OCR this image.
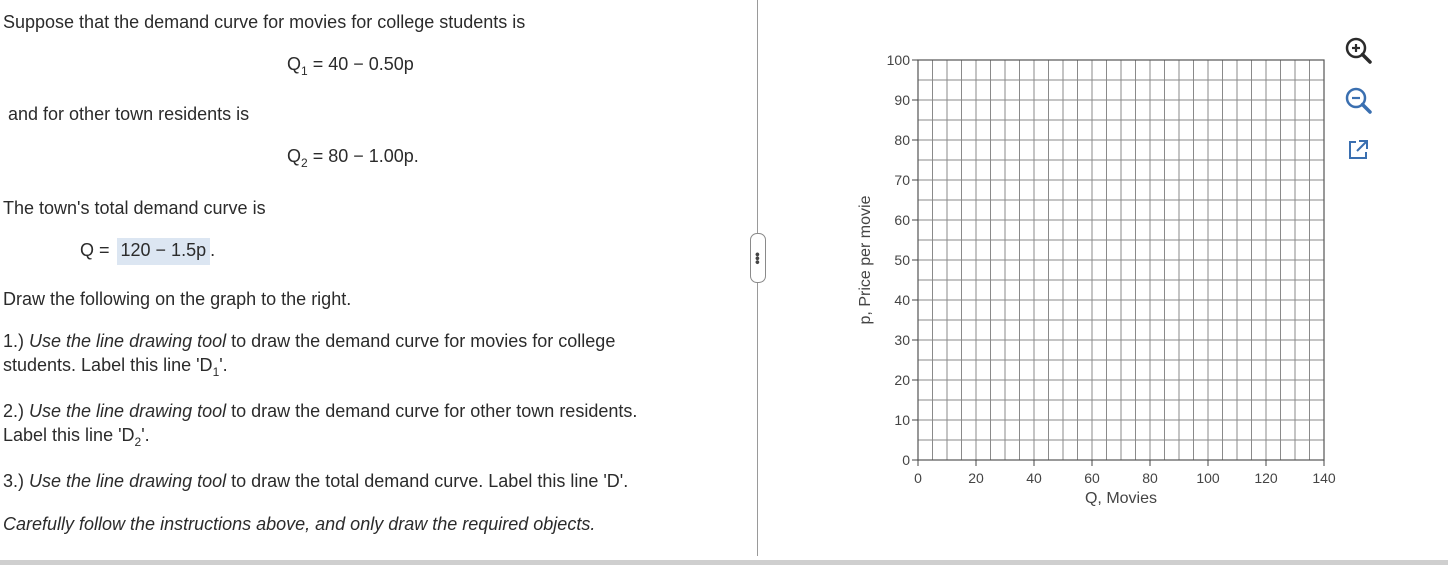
Suppose that the demand curve for movies for college students is
$Q_1 = 40 - 0.50p$
and for other town residents is
$Q_2 = 80 - 1.00p$.
The town's total demand curve is
Q = 120 − 1.5p .
Draw the following on the graph to the right.
1.) Use the line drawing tool to draw the demand curve for movies for college
students. Label this line '$D_1$'.
2.) Use the line drawing tool to draw the demand curve for other town residents.
Label this line '$D_2$'.
3.) Use the line drawing tool to draw the total demand curve. Label this line 'D'.
Carefully follow the instructions above, and only draw the required objects.
•••
0
10
20
30
40
50
60
70
80
90
100
0	20	40	60	80	100 120 140
Q, Movies
p, Price per movie
